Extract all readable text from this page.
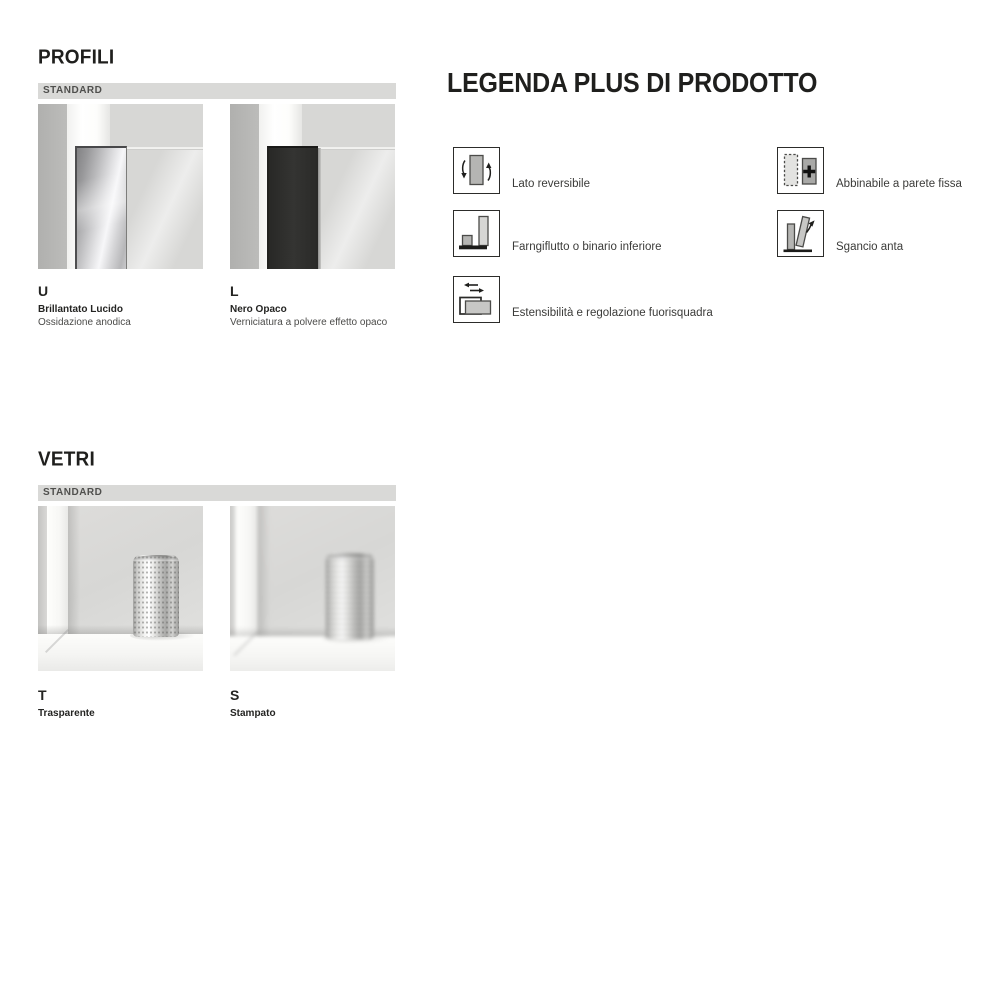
PROFILI
STANDARD
U
Brillantato Lucido
Ossidazione anodica
L
Nero Opaco
Verniciatura a polvere effetto opaco
VETRI
STANDARD
T
Trasparente
S
Stampato
LEGENDA PLUS DI PRODOTTO
Lato reversibile
Farngiflutto o binario inferiore
Estensibilità e regolazione fuorisquadra
Abbinabile a parete fissa
Sgancio anta
